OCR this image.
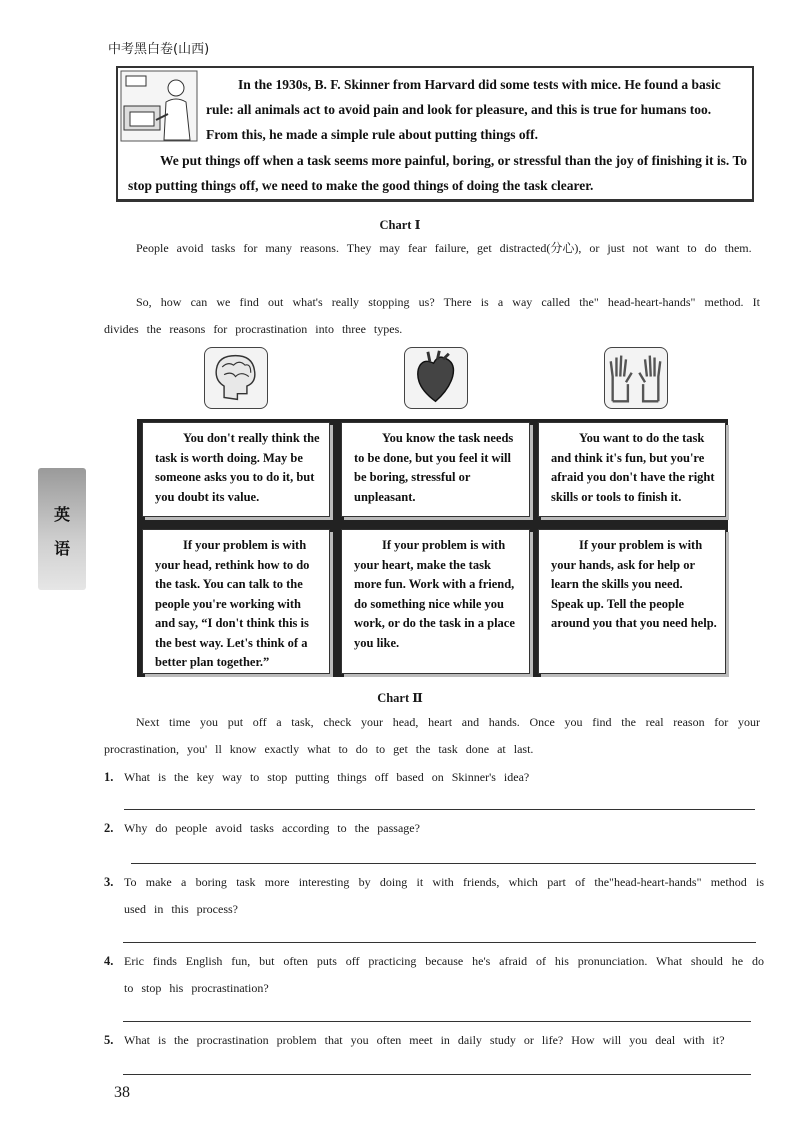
中考黑白卷(山西)
In the 1930s, B. F. Skinner from Harvard did some tests with mice. He found a basic rule: all animals act to avoid pain and look for pleasure, and this is true for humans too. From this, he made a simple rule about putting things off.
We put things off when a task seems more painful, boring, or stressful than the joy of finishing it is. To stop putting things off, we need to make the good things of doing the task clearer.
Chart Ⅰ
People avoid tasks for many reasons. They may fear failure, get distracted(分心), or just not want to do them.
So, how can we find out what's really stopping us? There is a way called the" head-heart-hands" method. It divides the reasons for procrastination into three types.
英
语
You don't really think the task is worth doing. May be someone asks you to do it, but you doubt its value.
You know the task needs to be done, but you feel it will be boring, stressful or unpleasant.
You want to do the task and think it's fun, but you're afraid you don't have the right skills or tools to finish it.
If your problem is with your head, rethink how to do the task. You can talk to the people you're working with and say, “I don't think this is the best way. Let's think of a better plan together.”
If your problem is with your heart, make the task more fun. Work with a friend, do something nice while you work, or do the task in a place you like.
If your problem is with your hands, ask for help or learn the skills you need. Speak up. Tell the people around you that you need help.
Chart Ⅱ
Next time you put off a task, check your head, heart and hands. Once you find the real reason for your procrastination, you' ll know exactly what to do to get the task done at last.
1. What is the key way to stop putting things off based on Skinner's idea?
2. Why do people avoid tasks according to the passage?
3. To make a boring task more interesting by doing it with friends, which part of the"head-heart-hands" method is used in this process?
4. Eric finds English fun, but often puts off practicing because he's afraid of his pronunciation. What should he do to stop his procrastination?
5. What is the procrastination problem that you often meet in daily study or life? How will you deal with it?
38
